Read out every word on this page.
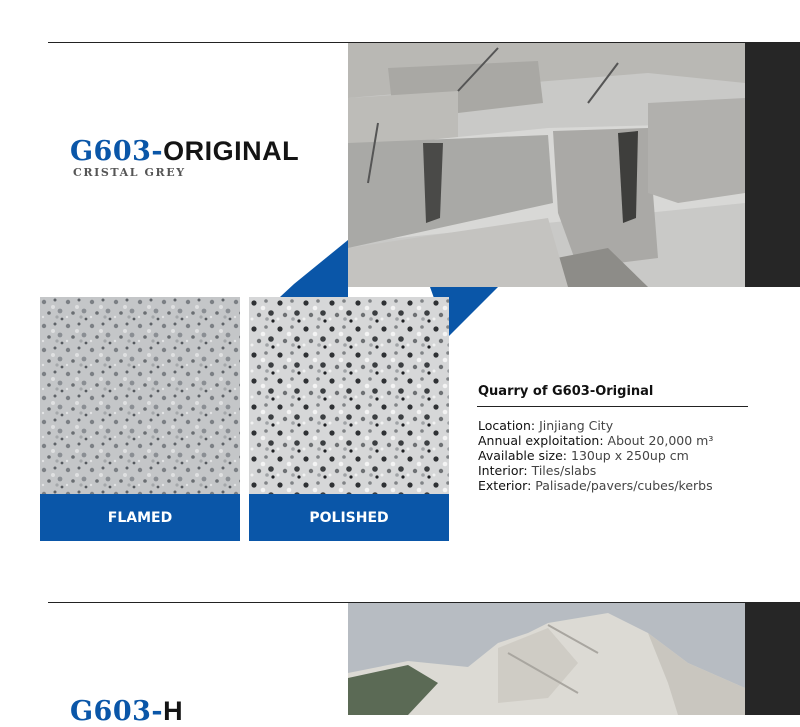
G603-ORIGINAL
CRISTAL GREY
FLAMED	POLISHED
Quarry of G603-Original
Location: Jinjiang City
Annual exploitation: About 20,000 m³
Available size: 130up x 250up cm
Interior: Tiles/slabs
Exterior: Palisade/pavers/cubes/kerbs
G603-H
